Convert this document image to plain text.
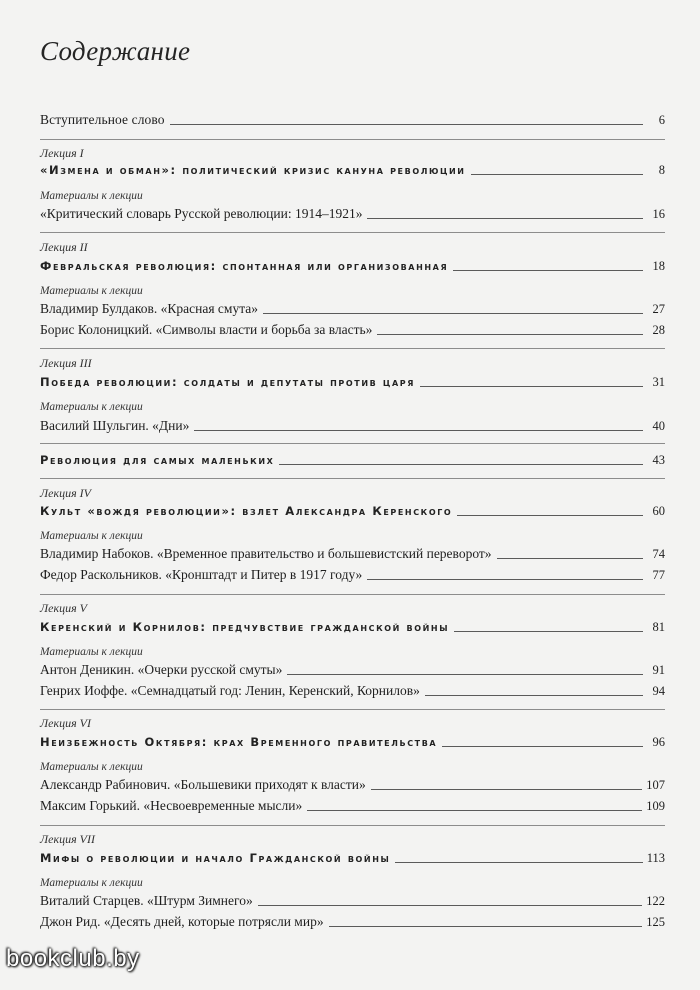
Содержание
Вступительное слово	6
Лекция I
«Измена и обман»: политический кризис кануна революции	8
Материалы к лекции
«Критический словарь Русской революции: 1914–1921»	16
Лекция II
Февральская революция: спонтанная или организованная	18
Материалы к лекции
Владимир Булдаков. «Красная смута»	27
Борис Колоницкий. «Символы власти и борьба за власть»	28
Лекция III
Победа революции: солдаты и депутаты против царя	31
Материалы к лекции
Василий Шульгин. «Дни»	40
Революция для самых маленьких	43
Лекция IV
Культ «вождя революции»: взлет Александра Керенского	60
Материалы к лекции
Владимир Набоков. «Временное правительство и большевистский переворот»	74
Федор Раскольников. «Кронштадт и Питер в 1917 году»	77
Лекция V
Керенский и Корнилов: предчувствие гражданской войны	81
Материалы к лекции
Антон Деникин. «Очерки русской смуты»	91
Генрих Иоффе. «Семнадцатый год: Ленин, Керенский, Корнилов»	94
Лекция VI
Неизбежность Октября: крах Временного правительства	96
Материалы к лекции
Александр Рабинович. «Большевики приходят к власти»	107
Максим Горький. «Несвоевременные мысли»	109
Лекция VII
Мифы о революции и начало Гражданской войны	113
Материалы к лекции
Виталий Старцев. «Штурм Зимнего»	122
Джон Рид. «Десять дней, которые потрясли мир»	125
bookclub.by
